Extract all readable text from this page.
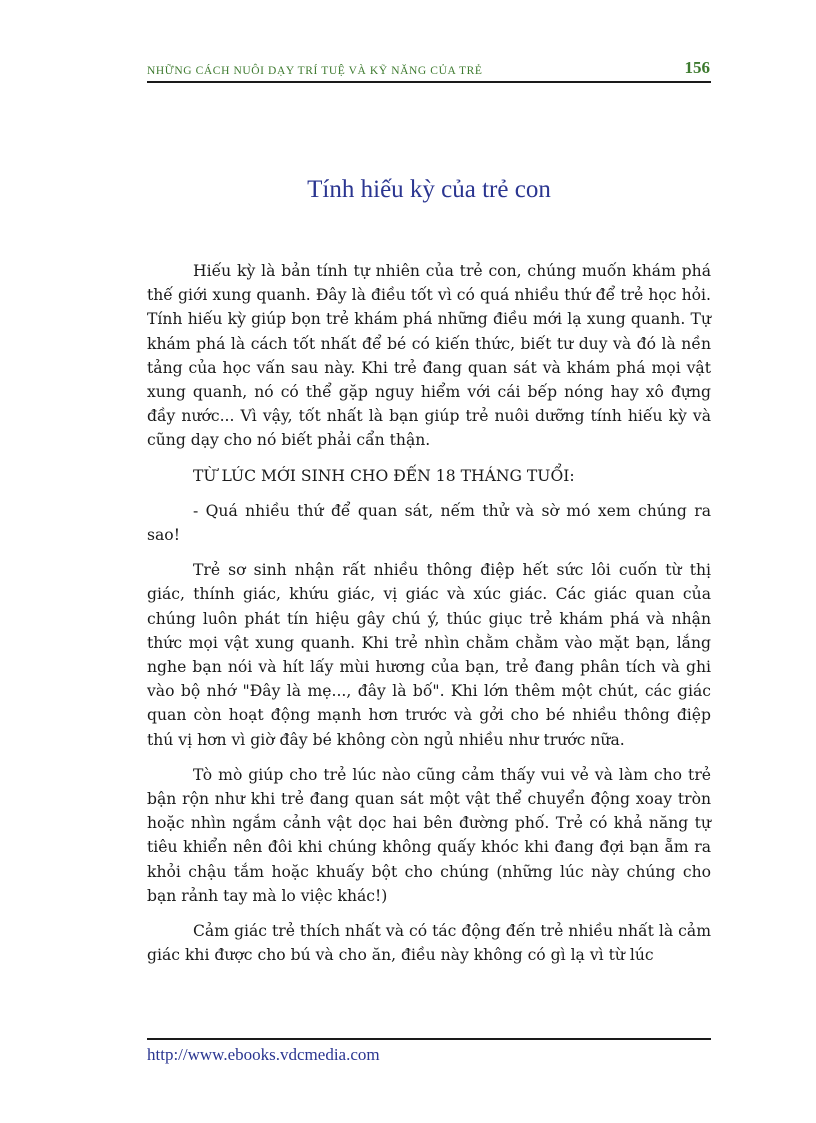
NHỮNG CÁCH NUÔI DẠY TRÍ TUỆ VÀ KỸ NĂNG CỦA TRẺ	156
Tính hiếu kỳ của trẻ con

Hiếu kỳ là bản tính tự nhiên của trẻ con, chúng muốn khám phá thế giới xung quanh. Đây là điều tốt vì có quá nhiều thứ để trẻ học hỏi. Tính hiếu kỳ giúp bọn trẻ khám phá những điều mới lạ xung quanh. Tự khám phá là cách tốt nhất để bé có kiến thức, biết tư duy và đó là nền tảng của học vấn sau này. Khi trẻ đang quan sát và khám phá mọi vật xung quanh, nó có thể gặp nguy hiểm với cái bếp nóng hay xô đựng đầy nước... Vì vậy, tốt nhất là bạn giúp trẻ nuôi dưỡng tính hiếu kỳ và cũng dạy cho nó biết phải cẩn thận.

TỪ LÚC MỚI SINH CHO ĐẾN 18 THÁNG TUỔI:

- Quá nhiều thứ để quan sát, nếm thử và sờ mó xem chúng ra sao!

Trẻ sơ sinh nhận rất nhiều thông điệp hết sức lôi cuốn từ thị giác, thính giác, khứu giác, vị giác và xúc giác. Các giác quan của chúng luôn phát tín hiệu gây chú ý, thúc giục trẻ khám phá và nhận thức mọi vật xung quanh. Khi trẻ nhìn chằm chằm vào mặt bạn, lắng nghe bạn nói và hít lấy mùi hương của bạn, trẻ đang phân tích và ghi vào bộ nhớ "Đây là mẹ..., đây là bố". Khi lớn thêm một chút, các giác quan còn hoạt động mạnh hơn trước và gởi cho bé nhiều thông điệp thú vị hơn vì giờ đây bé không còn ngủ nhiều như trước nữa.

Tò mò giúp cho trẻ lúc nào cũng cảm thấy vui vẻ và làm cho trẻ bận rộn như khi trẻ đang quan sát một vật thể chuyển động xoay tròn hoặc nhìn ngắm cảnh vật dọc hai bên đường phố. Trẻ có khả năng tự tiêu khiển nên đôi khi chúng không quấy khóc khi đang đợi bạn ẵm ra khỏi chậu tắm hoặc khuấy bột cho chúng (những lúc này chúng cho bạn rảnh tay mà lo việc khác!)

Cảm giác trẻ thích nhất và có tác động đến trẻ nhiều nhất là cảm giác khi được cho bú và cho ăn, điều này không có gì lạ vì từ lúc

http://www.ebooks.vdcmedia.com
